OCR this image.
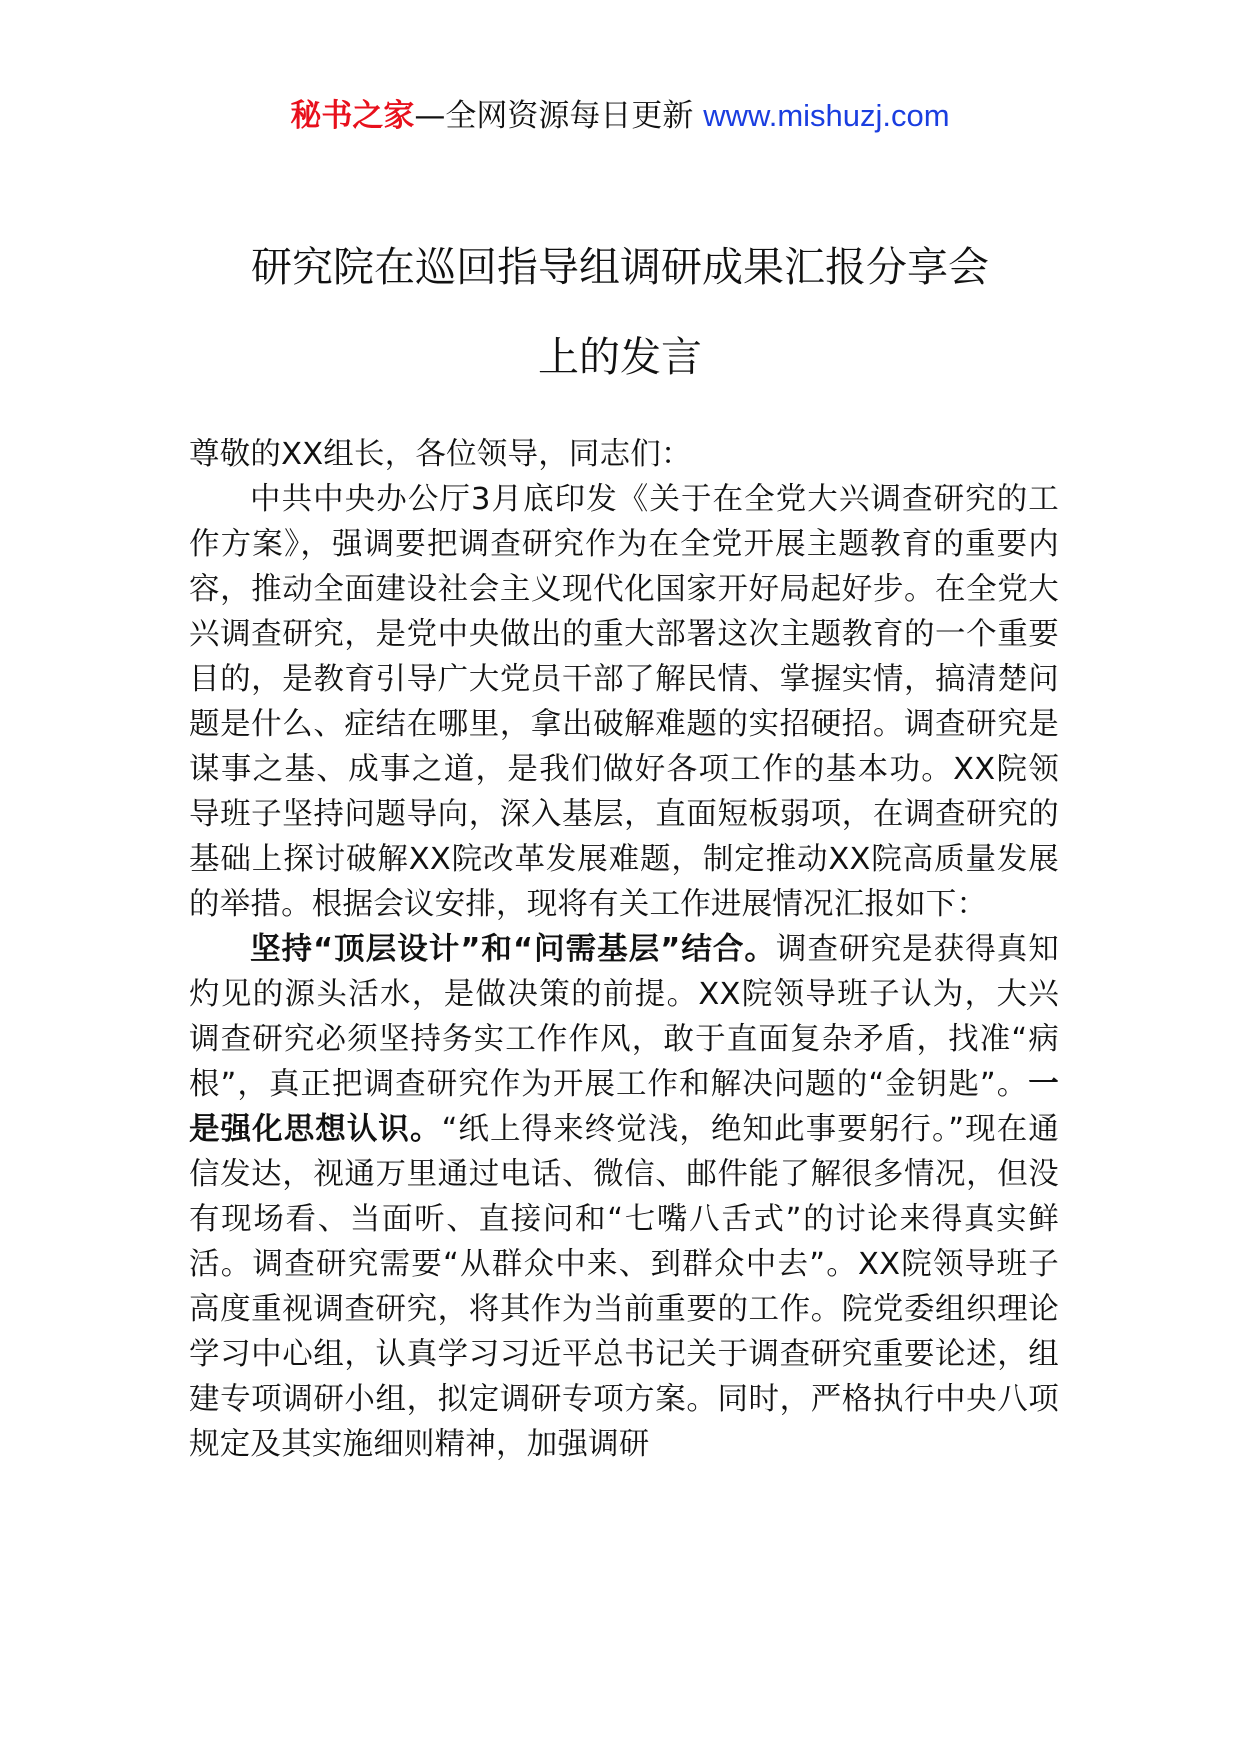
秘书之家—全网资源每日更新 www.mishuzj.com
研究院在巡回指导组调研成果汇报分享会
上的发言

尊敬的XX组长，各位领导，同志们：

中共中央办公厅3月底印发《关于在全党大兴调查研究的工作方案》，强调要把调查研究作为在全党开展主题教育的重要内容，推动全面建设社会主义现代化国家开好局起好步。在全党大兴调查研究，是党中央做出的重大部署这次主题教育的一个重要目的，是教育引导广大党员干部了解民情、掌握实情，搞清楚问题是什么、症结在哪里，拿出破解难题的实招硬招。调查研究是谋事之基、成事之道，是我们做好各项工作的基本功。XX院领导班子坚持问题导向，深入基层，直面短板弱项，在调查研究的基础上探讨破解XX院改革发展难题，制定推动XX院高质量发展的举措。根据会议安排，现将有关工作进展情况汇报如下：

坚持“顶层设计”和“问需基层”结合。调查研究是获得真知灼见的源头活水，是做决策的前提。XX院领导班子认为，大兴调查研究必须坚持务实工作作风，敢于直面复杂矛盾，找准“病根”，真正把调查研究作为开展工作和解决问题的“金钥匙”。一是强化思想认识。“纸上得来终觉浅，绝知此事要躬行。”现在通信发达，视通万里通过电话、微信、邮件能了解很多情况，但没有现场看、当面听、直接问和“七嘴八舌式”的讨论来得真实鲜活。调查研究需要“从群众中来、到群众中去”。XX院领导班子高度重视调查研究，将其作为当前重要的工作。院党委组织理论学习中心组，认真学习习近平总书记关于调查研究重要论述，组建专项调研小组，拟定调研专项方案。同时，严格执行中央八项规定及其实施细则精神，加强调研
